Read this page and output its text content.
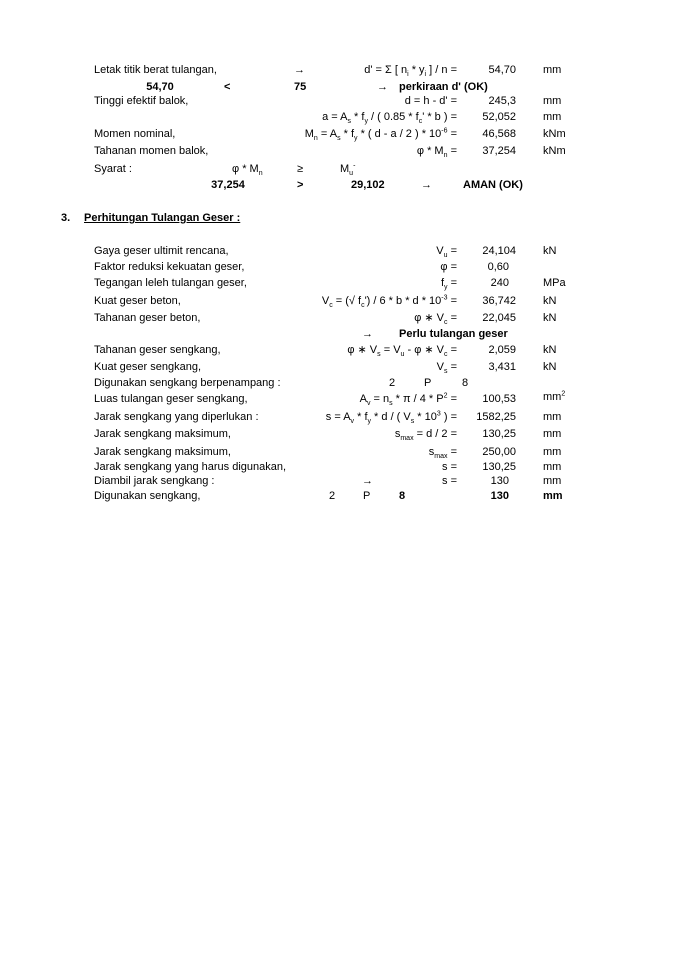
Letak titik berat tulangan,	→	d' = Σ [ $n_i * y_i$ ] / n =	54,70 mm
54,70	<	75	→ perkiraan d' (OK)
Tinggi efektif balok,	d = h - d' =	245,3 mm
$a = A_s * f_y$ / ( $0.85 * f_c'$ * b ) = 52,052 mm
Momen nominal,	$M_n = A_s * f_y$ * ( d - a / 2 ) * $10^{-6} = 46,568$ kNm
Tahanan momen balok,	$\varphi * M_n = 37,254$ kNm
Syarat :	φ * $M_n$	≥	$M_u^-$
37,254	>	29,102	→	AMAN (OK)
3. Perhitungan Tulangan Geser :
Gaya geser ultimit rencana,	$V_u = 24,104$ kN
Faktor reduksi kekuatan geser,	φ =	0,60
Tegangan leleh tulangan geser,	$f_y$ =	240	MPa
Kuat geser beton,	$V_c$ = (√ $f_c') / 6 * b * d * 10^{-3} = 36,742$ kN
Tahanan geser beton,	φ ∗ $V_c = 22,045$ kN
→ Perlu tulangan geser
Tahanan geser sengkang,	φ ∗ $V_s = V_u - \varphi$ ∗ $V_c$ =	2,059 kN
Kuat geser sengkang,	$V_s$ =	3,431 kN
Digunakan sengkang berpenampang :	2	P	8
Luas tulangan geser sengkang,	$A_v = n_s * \pi / 4 * P^2 = 100,53$ $mm^2$
Jarak sengkang yang diperlukan :	$s = A_v * f_y * d$ / ( $V_s * 10^3$ ) = 1582,25 mm
Jarak sengkang maksimum,	$s_{max} = d / 2 = 130,25$ mm
Jarak sengkang maksimum,	$s_{max} = 250,00$ mm
Jarak sengkang yang harus digunakan,	s = 130,25 mm
Diambil jarak sengkang :	→	s =	130	mm
Digunakan sengkang,	2	P	8	130	mm
